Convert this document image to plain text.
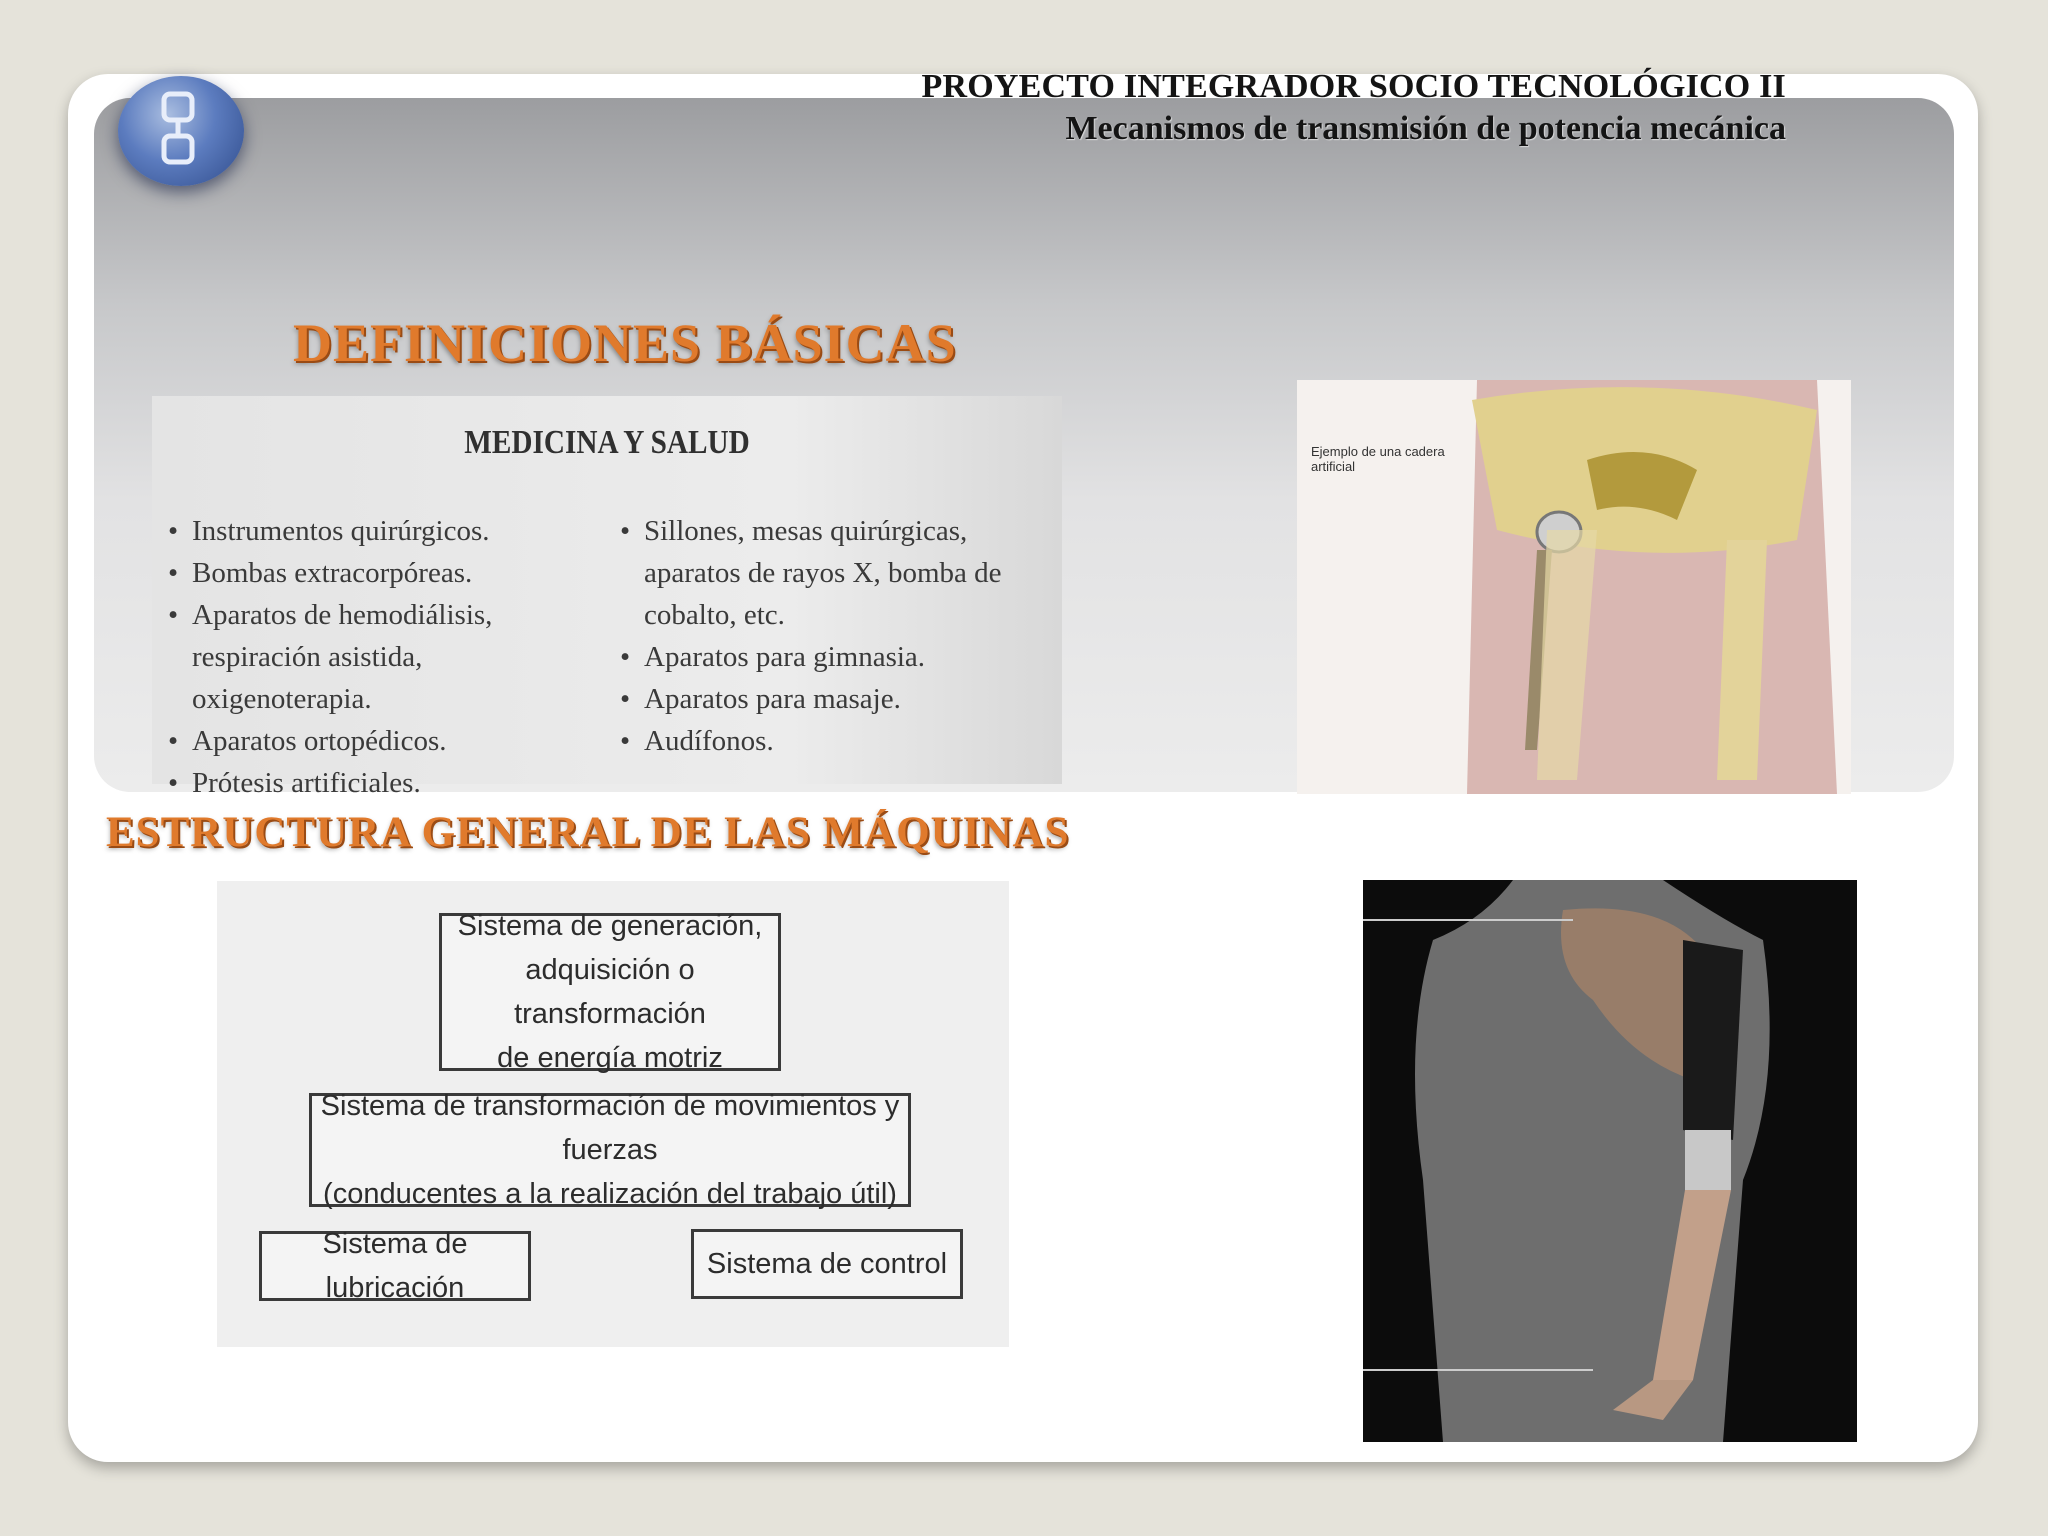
PROYECTO INTEGRADOR SOCIO TECNOLÓGICO II
Mecanismos de transmisión de potencia mecánica
DEFINICIONES BÁSICAS
MEDICINA Y SALUD
• Instrumentos quirúrgicos.
• Bombas extracorpóreas.
• Aparatos de hemodiálisis, respiración asistida, oxigenoterapia.
• Aparatos ortopédicos.
• Prótesis artificiales.
• Sillones, mesas quirúrgicas, aparatos de rayos X, bomba de cobalto, etc.
• Aparatos para gimnasia.
• Aparatos para masaje.
• Audífonos.
Ejemplo de una cadera artificial
ESTRUCTURA GENERAL DE LAS MÁQUINAS
Sistema de generación,
adquisición o transformación
de energía motriz
Sistema de transformación de movimientos y fuerzas
(conducentes a la realización del trabajo útil)
Sistema de lubricación
Sistema de control
